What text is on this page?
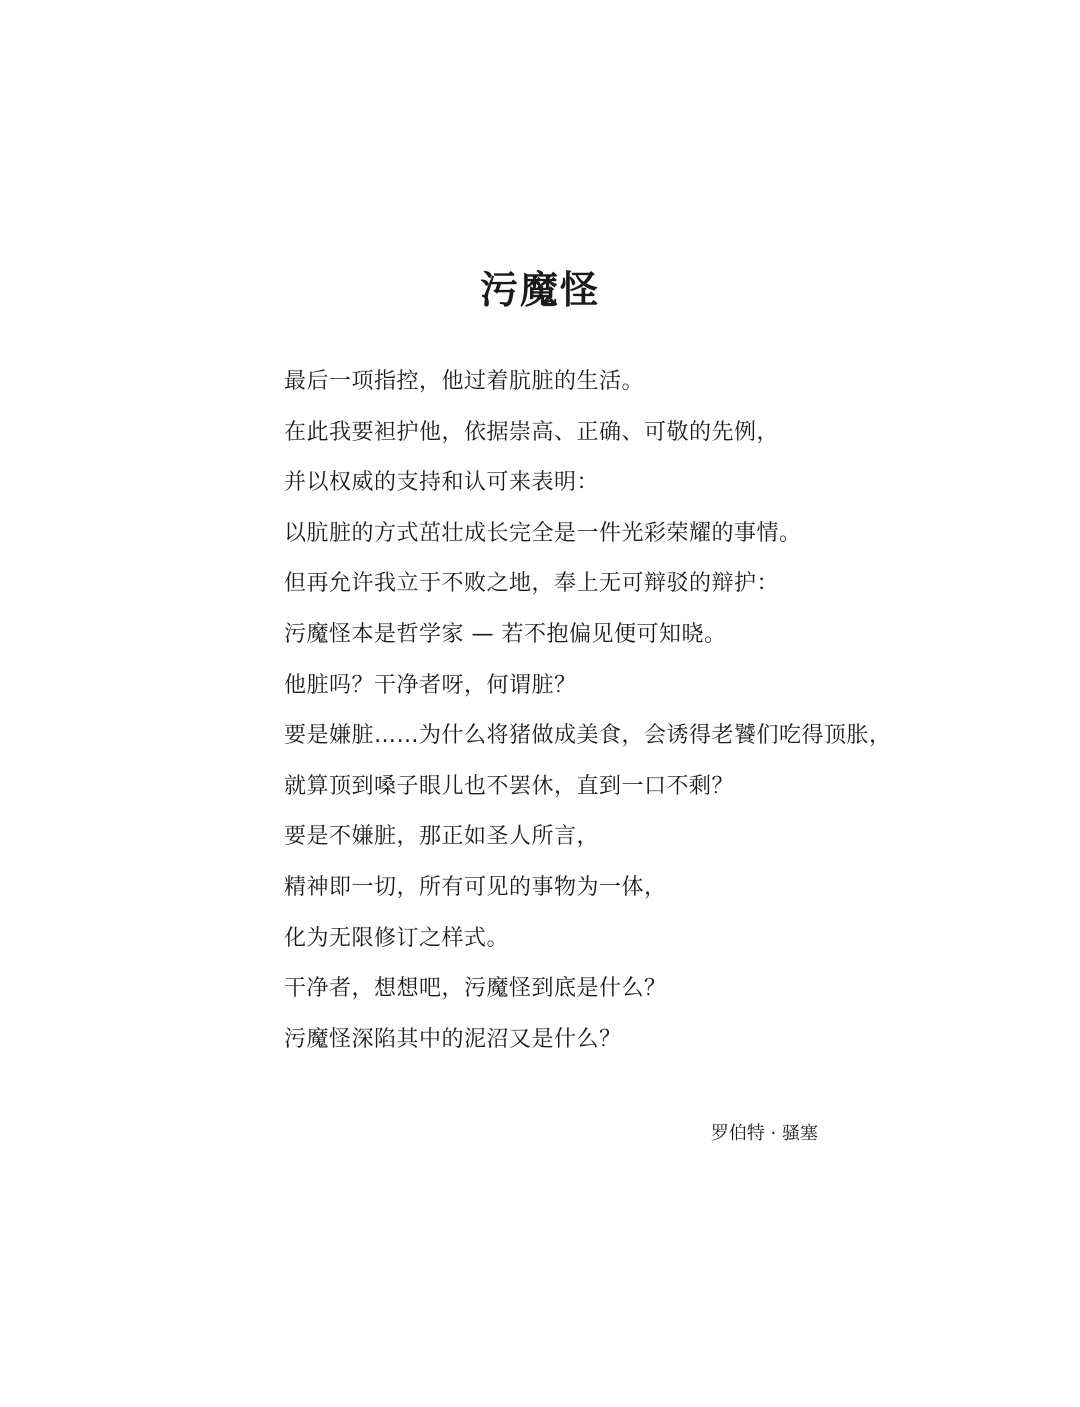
污魔怪
最后一项指控，他过着肮脏的生活。
在此我要袒护他，依据崇高、正确、可敬的先例，
并以权威的支持和认可来表明：
以肮脏的方式茁壮成长完全是一件光彩荣耀的事情。
但再允许我立于不败之地，奉上无可辩驳的辩护：
污魔怪本是哲学家 — 若不抱偏见便可知晓。
他脏吗？干净者呀，何谓脏？
要是嫌脏……为什么将猪做成美食，会诱得老饕们吃得顶胀，
就算顶到嗓子眼儿也不罢休，直到一口不剩？
要是不嫌脏，那正如圣人所言，
精神即一切，所有可见的事物为一体，
化为无限修订之样式。
干净者，想想吧，污魔怪到底是什么？
污魔怪深陷其中的泥沼又是什么？
罗伯特 · 骚塞
